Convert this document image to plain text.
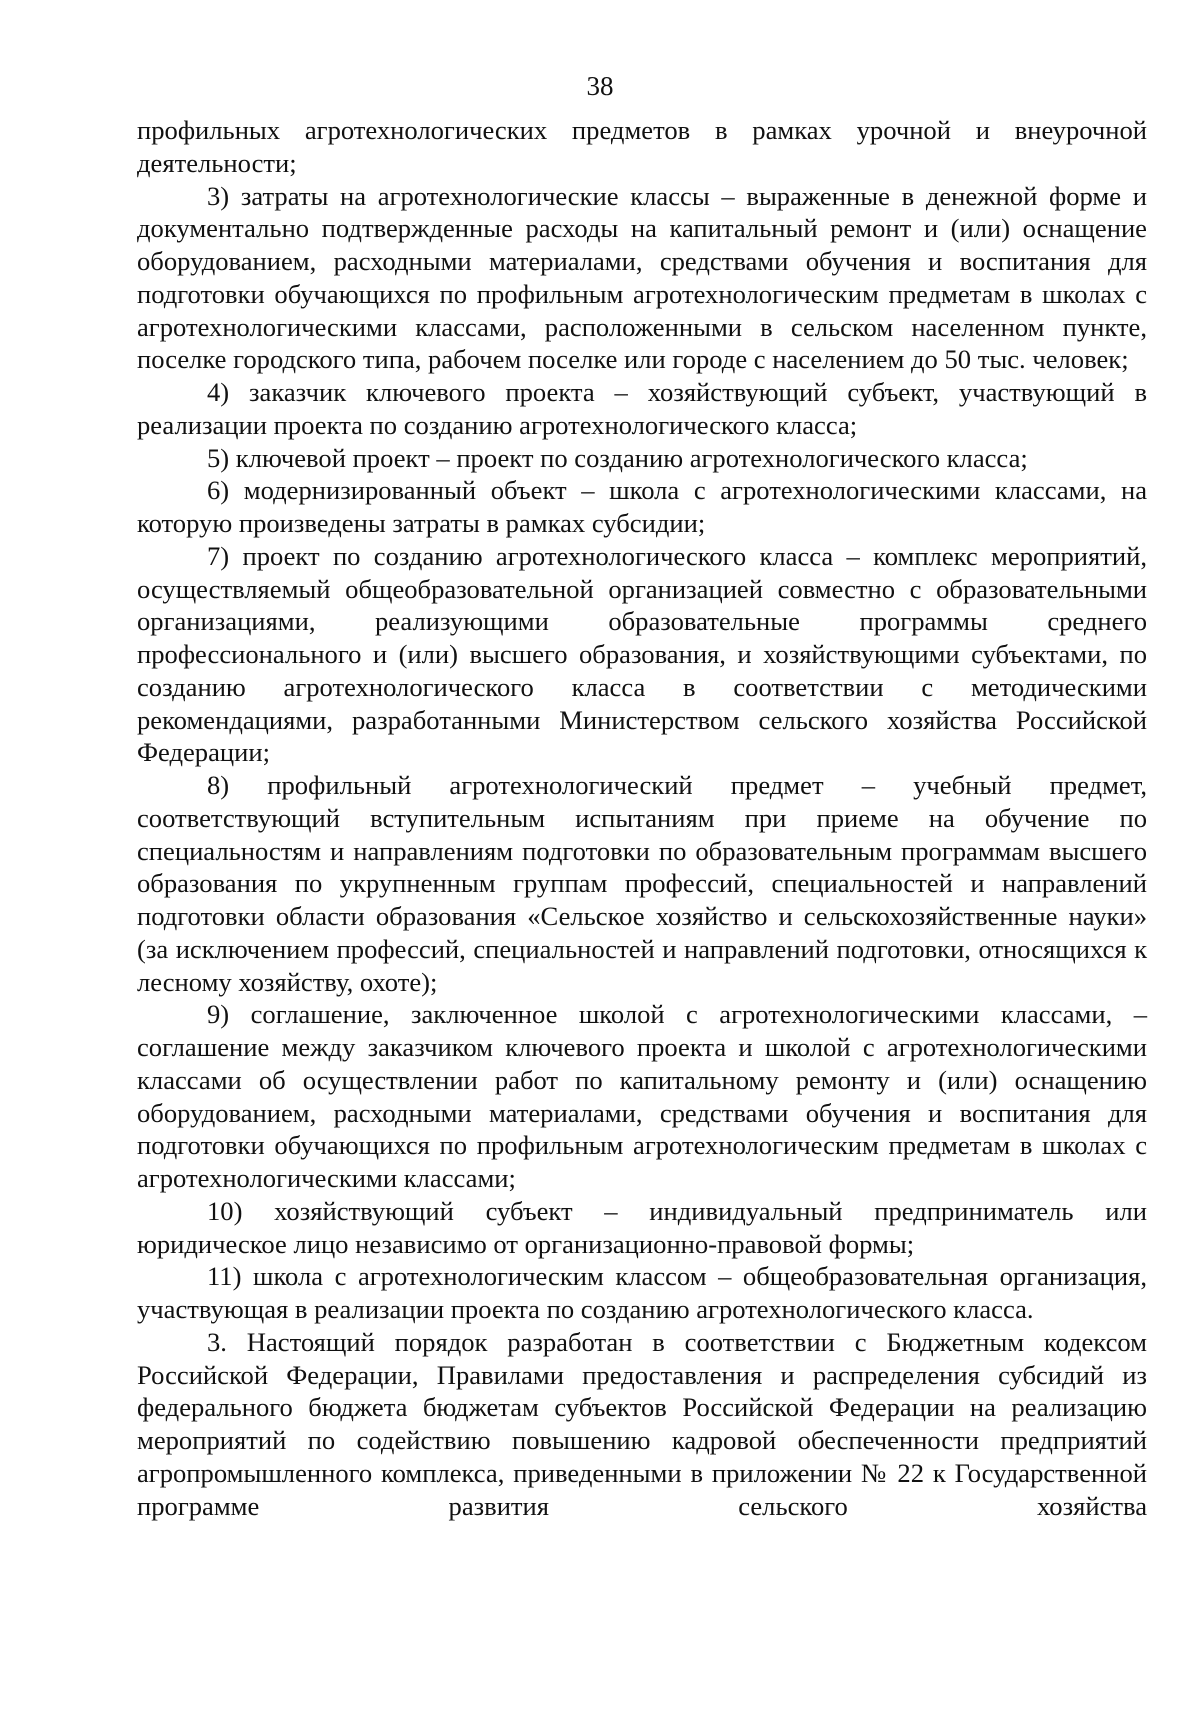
38

профильных агротехнологических предметов в рамках урочной и внеурочной деятельности;

3) затраты на агротехнологические классы – выраженные в денежной форме и документально подтвержденные расходы на капитальный ремонт и (или) оснащение оборудованием, расходными материалами, средствами обучения и воспитания для подготовки обучающихся по профильным агротехнологическим предметам в школах с агротехнологическими классами, расположенными в сельском населенном пункте, поселке городского типа, рабочем поселке или городе с населением до 50 тыс. человек;

4) заказчик ключевого проекта – хозяйствующий субъект, участвующий в реализации проекта по созданию агротехнологического класса;

5) ключевой проект – проект по созданию агротехнологического класса;

6) модернизированный объект – школа с агротехнологическими классами, на которую произведены затраты в рамках субсидии;

7) проект по созданию агротехнологического класса – комплекс мероприятий, осуществляемый общеобразовательной организацией совместно с образовательными организациями, реализующими образовательные программы среднего профессионального и (или) высшего образования, и хозяйствующими субъектами, по созданию агротехнологического класса в соответствии с методическими рекомендациями, разработанными Министерством сельского хозяйства Российской Федерации;

8) профильный агротехнологический предмет – учебный предмет, соответствующий вступительным испытаниям при приеме на обучение по специальностям и направлениям подготовки по образовательным программам высшего образования по укрупненным группам профессий, специальностей и направлений подготовки области образования «Сельское хозяйство и сельскохозяйственные науки» (за исключением профессий, специальностей и направлений подготовки, относящихся к лесному хозяйству, охоте);

9) соглашение, заключенное школой с агротехнологическими классами, – соглашение между заказчиком ключевого проекта и школой с агротехнологическими классами об осуществлении работ по капитальному ремонту и (или) оснащению оборудованием, расходными материалами, средствами обучения и воспитания для подготовки обучающихся по профильным агротехнологическим предметам в школах с агротехнологическими классами;

10) хозяйствующий субъект – индивидуальный предприниматель или юридическое лицо независимо от организационно-правовой формы;

11) школа с агротехнологическим классом – общеобразовательная организация, участвующая в реализации проекта по созданию агротехнологического класса.

3. Настоящий порядок разработан в соответствии с Бюджетным кодексом Российской Федерации, Правилами предоставления и распределения субсидий из федерального бюджета бюджетам субъектов Российской Федерации на реализацию мероприятий по содействию повышению кадровой обеспеченности предприятий агропромышленного комплекса, приведенными в приложении № 22 к Государственной программе развития сельского хозяйства
